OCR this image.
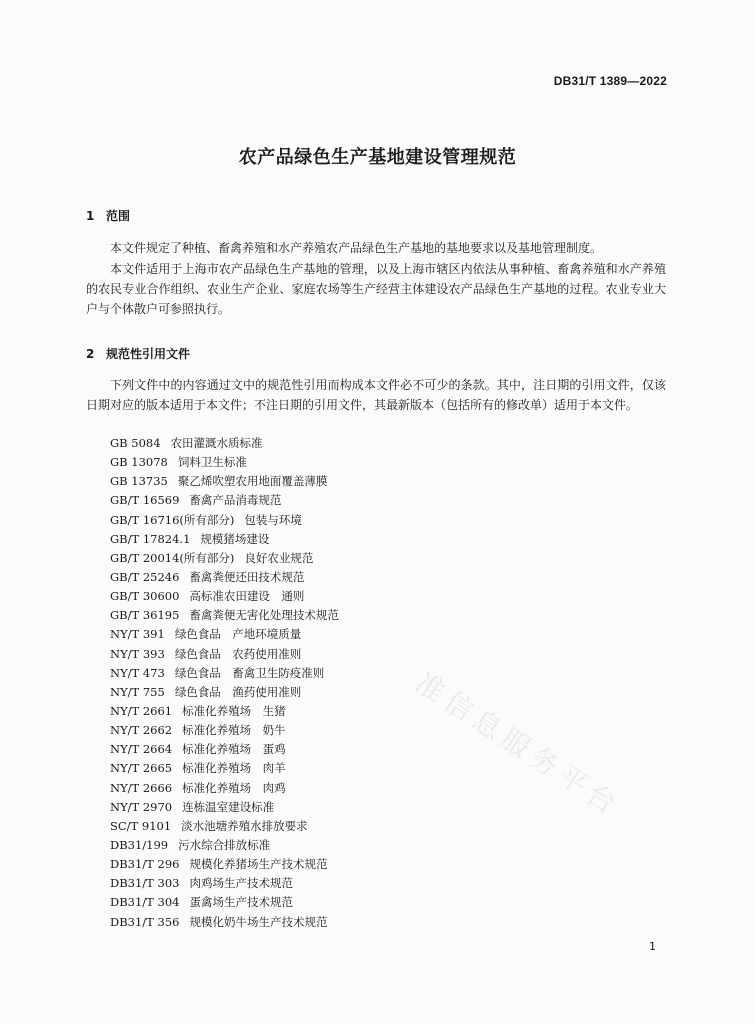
DB31/T 1389—2022
农产品绿色生产基地建设管理规范
1 范围

本文件规定了种植、畜禽养殖和水产养殖农产品绿色生产基地的基地要求以及基地管理制度。

本文件适用于上海市农产品绿色生产基地的管理，以及上海市辖区内依法从事种植、畜禽养殖和水产养殖的农民专业合作组织、农业生产企业、家庭农场等生产经营主体建设农产品绿色生产基地的过程。农业专业大户与个体散户可参照执行。

2 规范性引用文件

下列文件中的内容通过文中的规范性引用而构成本文件必不可少的条款。其中，注日期的引用文件，仅该日期对应的版本适用于本文件；不注日期的引用文件，其最新版本（包括所有的修改单）适用于本文件。

GB 5084 农田灌溉水质标准
GB 13078 饲料卫生标准
GB 13735 聚乙烯吹塑农用地面覆盖薄膜
GB/T 16569 畜禽产品消毒规范
GB/T 16716(所有部分) 包装与环境
GB/T 17824.1 规模猪场建设
GB/T 20014(所有部分) 良好农业规范
GB/T 25246 畜禽粪便还田技术规范
GB/T 30600 高标准农田建设　通则
GB/T 36195 畜禽粪便无害化处理技术规范
NY/T 391 绿色食品　产地环境质量
NY/T 393 绿色食品　农药使用准则
NY/T 473 绿色食品　畜禽卫生防疫准则
NY/T 755 绿色食品　渔药使用准则
NY/T 2661 标准化养殖场　生猪
NY/T 2662 标准化养殖场　奶牛
NY/T 2664 标准化养殖场　蛋鸡
NY/T 2665 标准化养殖场　肉羊
NY/T 2666 标准化养殖场　肉鸡
NY/T 2970 连栋温室建设标准
SC/T 9101 淡水池塘养殖水排放要求
DB31/199 污水综合排放标准
DB31/T 296 规模化养猪场生产技术规范
DB31/T 303 肉鸡场生产技术规范
DB31/T 304 蛋禽场生产技术规范
DB31/T 356 规模化奶牛场生产技术规范
准信息服务平台
1
